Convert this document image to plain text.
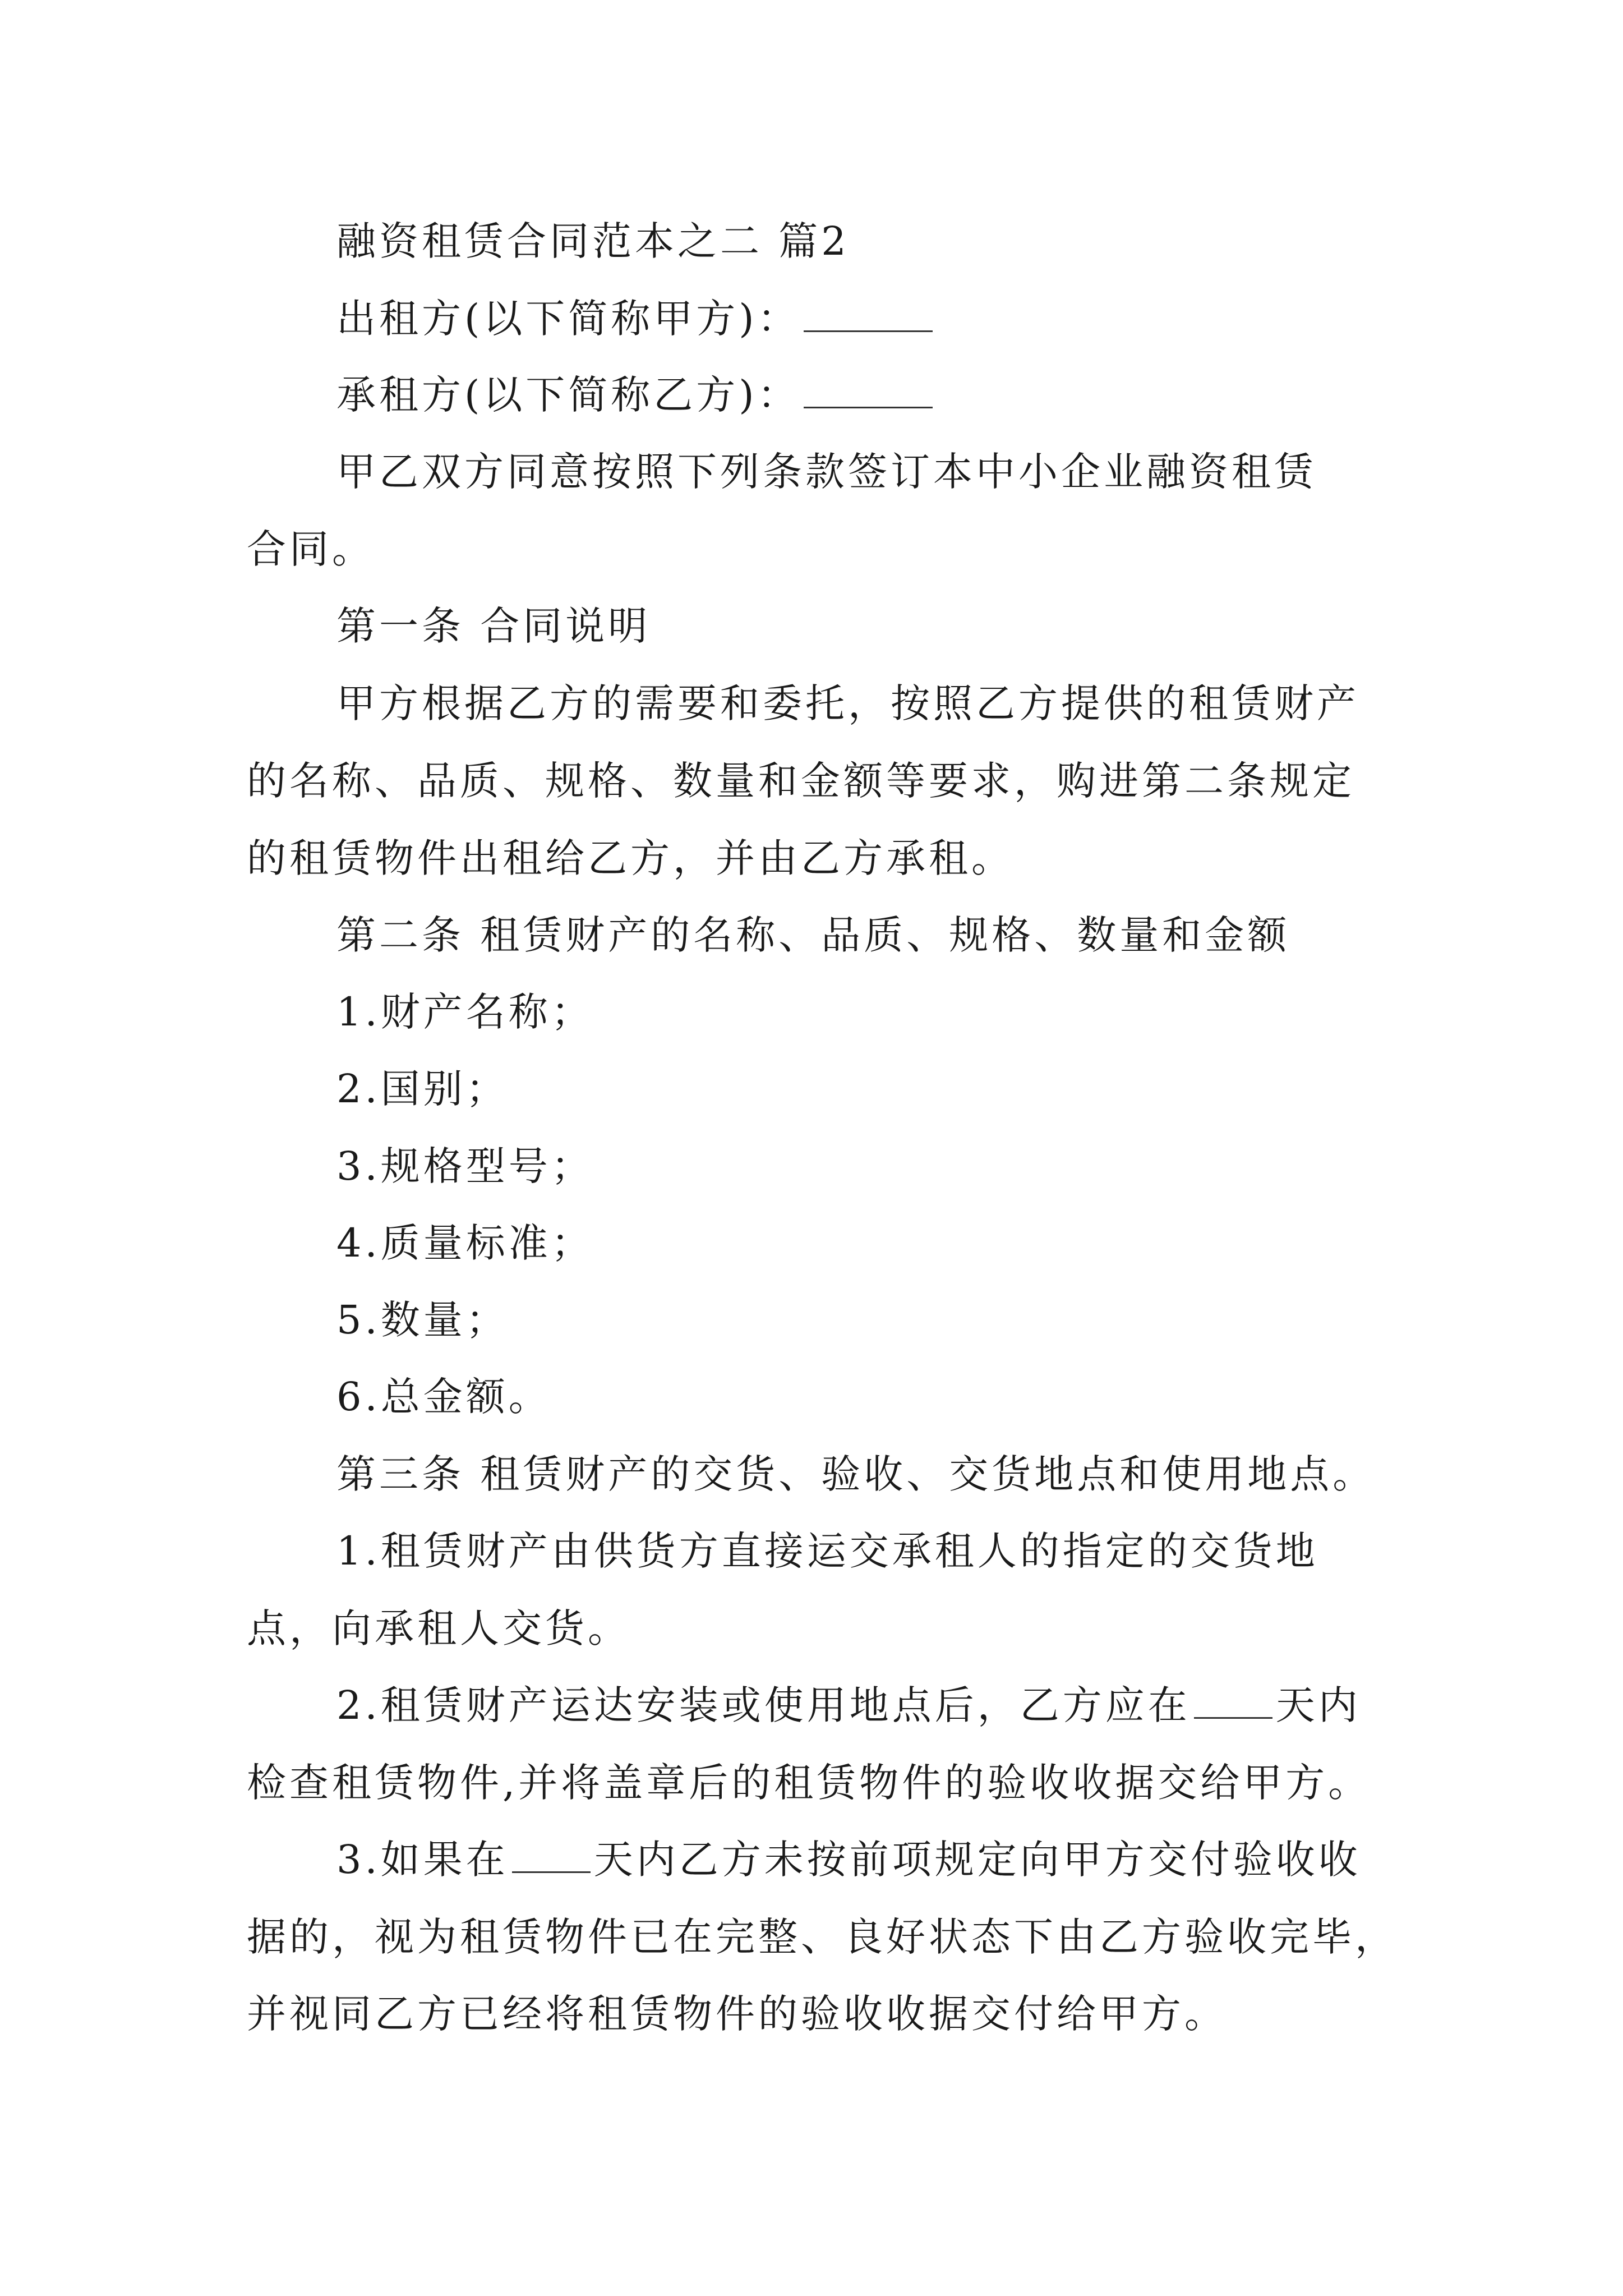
融资租赁合同范本之二 篇2
出租方(以下简称甲方)：
承租方(以下简称乙方)：
甲乙双方同意按照下列条款签订本中小企业融资租赁
合同。
第一条 合同说明
甲方根据乙方的需要和委托，按照乙方提供的租赁财产
的名称、品质、规格、数量和金额等要求，购进第二条规定
的租赁物件出租给乙方，并由乙方承租。
第二条 租赁财产的名称、品质、规格、数量和金额
1.财产名称；
2.国别；
3.规格型号；
4.质量标准；
5.数量；
6.总金额。
第三条 租赁财产的交货、验收、交货地点和使用地点。
1.租赁财产由供货方直接运交承租人的指定的交货地
点，向承租人交货。
2.租赁财产运达安装或使用地点后，乙方应在 天内
检查租赁物件,并将盖章后的租赁物件的验收收据交给甲方。
3.如果在 天内乙方未按前项规定向甲方交付验收收
据的，视为租赁物件已在完整、良好状态下由乙方验收完毕，
并视同乙方已经将租赁物件的验收收据交付给甲方。
